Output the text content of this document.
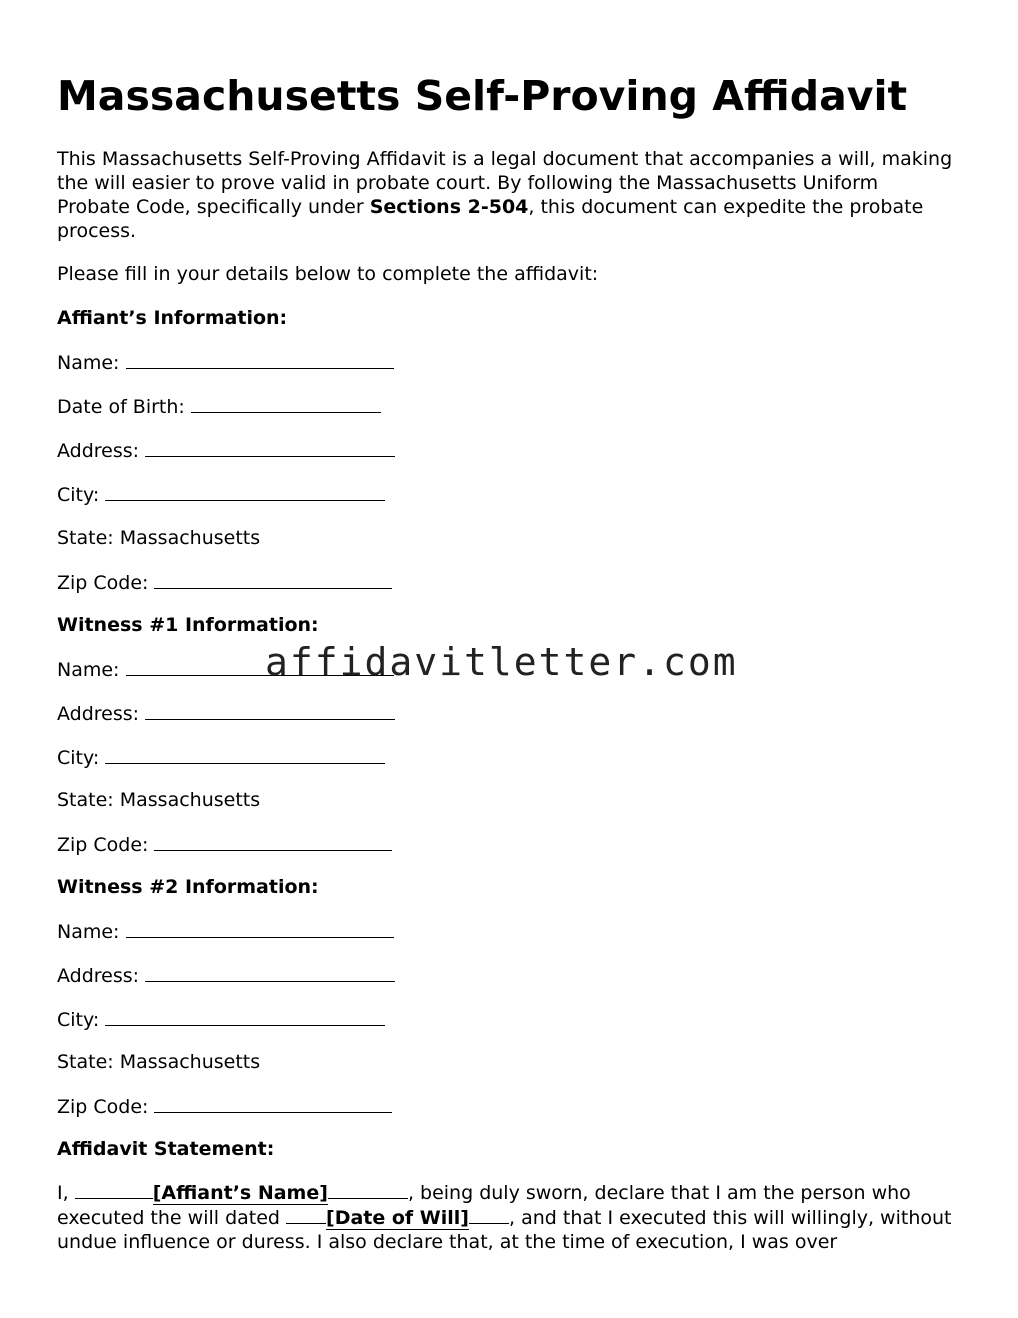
Massachusetts Self-Proving Affidavit

This Massachusetts Self-Proving Affidavit is a legal document that accompanies a will, making the will easier to prove valid in probate court. By following the Massachusetts Uniform Probate Code, specifically under Sections 2-504, this document can expedite the probate process.

Please fill in your details below to complete the affidavit:

Affiant’s Information:

Name:

Date of Birth:

Address:

City:

State: Massachusetts

Zip Code:

Witness #1 Information:

Name:

Address:

City:

State: Massachusetts

Zip Code:

Witness #2 Information:

Name:

Address:

City:

State: Massachusetts

Zip Code:

Affidavit Statement:

I,	[Affiant’s Name]	, being duly sworn, declare that I am the person who executed the will dated [Date of Will] , and that I executed this will willingly, without undue influence or duress. I also declare that, at the time of execution, I was over

affidavitletter.com
